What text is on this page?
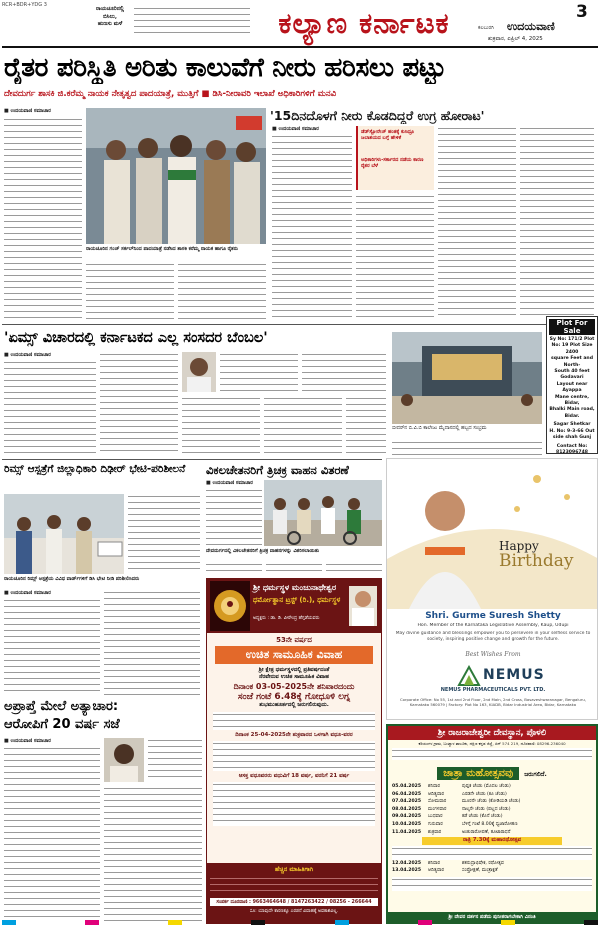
RCR+BDR+YDG 3
ರಾಯಚೂರಿನಲ್ಲಿ
ಬಿಸಿಲು,
ಹುಣಸು ಮಳೆ	ಕಲ್ಯಾಣ ಕರ್ನಾಟಕ	3
ಕಲಬುರಗಿ ಉದಯವಾಣಿ
ಶುಕ್ರವಾರ, ಏಪ್ರಿಲ್ 4, 2025
ರೈತರ ಪರಿಸ್ಥಿತಿ ಅರಿತು ಕಾಲುವೆಗೆ ನೀರು ಹರಿಸಲು ಪಟ್ಟು
ದೇವದುರ್ಗ ಶಾಸಕಿ ಜಿ.ಕರೆಮ್ಮ ನಾಯಕ ನೇತೃತ್ವದ ಪಾದಯಾತ್ರೆ, ಮುತ್ತಿಗೆ ■ ಡಿಸಿ-ನೀರಾವರಿ ಇಲಾಖೆ ಅಧಿಕಾರಿಗಳಿಗೆ ಮನವಿ
■ ಉದಯವಾಣಿ ಸಮಾಚಾರ
ರಾಯಚೂರಿನ ಗಂಜ್ ಸರ್ಕಲ್‌ನಿಂದ ಪಾದಯಾತ್ರೆ ನಡೆಸಿದ ಶಾಸಕಿ ಕರೆಮ್ಮ ನಾಯಕ ಹಾಗೂ ರೈತರು
'15ದಿನದೊಳಗೆ ನೀರು ಕೊಡದಿದ್ದರೆ ಉಗ್ರ ಹೋರಾಟ'
■ ಉದಯವಾಣಿ ಸಮಾಚಾರ	ಡೆಡ್‌ಸ್ಟೋರೇಜ್ ಹಂತಕ್ಕೆ ಕುಸಿದ್ರೂ ಜಲಾಶಯದ ಬಗ್ಗೆ ಹೇಳಿಕೆ
ಅಧಿಕಾರಿಗಳು-ಸರ್ಕಾರದ ನಡೆಯ ಕಾರಣ ರೈತರ ಬೆಳೆ
'ಏಮ್ಸ್ ವಿಚಾರದಲ್ಲಿ ಕರ್ನಾಟಕದ ಎಲ್ಲ ಸಂಸದರ ಬೆಂಬಲ'
■ ಉದಯವಾಣಿ ಸಮಾಚಾರ
ಬೀದರ್‌ನ ಬಿ.ವಿ.ಬಿ ಕಾಲೇಜು ಮೈದಾನದಲ್ಲಿ ಹಬ್ಬದ ಸಂಭ್ರಮ
Plot For Sale
Sy No: 171/2 Plot
No: 19 Plot Size 2400
square Feet and North-
South 40 feet Godavari
Layout near Ayappa
Mane centre, Bidar,
Bhalki Main road, Bidar.
Sagar Shetkar
H. No: 9-3-66 Out side shah Gunj
Contact No: 8123096748
ರಿಮ್ಸ್ ಆಸ್ಪತ್ರೆಗೆ ಜಿಲ್ಲಾಧಿಕಾರಿ ದಿಢೀರ್ ಭೇಟಿ-ಪರಿಶೀಲನೆ
ರಾಯಚೂರಿನ ರಿಮ್ಸ್ ಆಸ್ಪತ್ರೆಯ ವಿವಿಧ ವಾರ್ಡ್‌ಗಳಿಗೆ ಡಿಸಿ ಭೇಟಿ ನೀಡಿ ಪರಿಶೀಲಿಸಿದರು
■ ಉದಯವಾಣಿ ಸಮಾಚಾರ
ವಿಕಲಚೇತನರಿಗೆ ತ್ರಿಚಕ್ರ ವಾಹನ ವಿತರಣೆ
■ ಉದಯವಾಣಿ ಸಮಾಚಾರ
ದೇವದುರ್ಗದಲ್ಲಿ ವಿಕಲಚೇತನರಿಗೆ ತ್ರಿಚಕ್ರ ವಾಹನಗಳನ್ನು ವಿತರಿಸಲಾಯಿತು
ಶ್ರೀ ಧರ್ಮಸ್ಥಳ ಮಂಜುನಾಥೇಶ್ವರ
ಧರ್ಮೋತ್ಥಾನ ಟ್ರಸ್ಟ್ (ರಿ.), ಧರ್ಮಸ್ಥಳ
ಅಧ್ಯಕ್ಷರು : ಡಾ. ಡಿ. ವೀರೇಂದ್ರ ಹೆಗ್ಗಡೆಯವರು
53ನೇ ವರ್ಷದ
ಉಚಿತ ಸಾಮೂಹಿಕ ವಿವಾಹ
ಶ್ರೀ ಕ್ಷೇತ್ರ ಧರ್ಮಸ್ಥಳದಲ್ಲಿ ಪ್ರತಿವರ್ಷದಂತೆ
ನೆರವೇರುವ ಉಚಿತ ಸಾಮೂಹಿಕ ವಿವಾಹ
ದಿನಾಂಕ 03-05-2025ನೇ ಶನಿವಾರದಂದು
ಸಂಜೆ ಗಂಟೆ 6.48ಕ್ಕೆ ಗೋಧೂಳಿ ಲಗ್ನ
ಶುಭಮುಹೂರ್ತದಲ್ಲಿ ಜರುಗಲಿರುವುದು.
ದಿನಾಂಕ 25-04-2025ನೇ ಶುಕ್ರವಾರದ ಒಳಗಾಗಿ ವಧೂ-ವರರ
ಆಸಕ್ತ ವಧೂವರರು ವಧುವಿಗೆ 18 ವರ್ಷ, ವರನಿಗೆ 21 ವರ್ಷ
ಹೆಚ್ಚಿನ ಮಾಹಿತಿಗಾಗಿ
ಸಂಪರ್ಕ ದೂರವಾಣಿ : 9663464648 / 8147263422 / 08256 - 266644
ಸೂ: ಯಾವುದೇ ಕಾರಣಕ್ಕೂ ಎರಡನೆ ವಿವಾಹಕ್ಕೆ ಅವಕಾಶವಿಲ್ಲ.
ಅಪ್ರಾಪ್ತೆ ಮೇಲೆ ಅತ್ಯಾಚಾರ:
ಆರೋಪಿಗೆ 20 ವರ್ಷ ಸಜೆ
■ ಉದಯವಾಣಿ ಸಮಾಚಾರ
Happy
Birthday
Shri. Gurme Suresh Shetty
Hon. Member of the Karnataka Legislative Assembly, Kaup, Udupi
May divine guidance and blessings empower you to persevere in your selfless service to society, inspiring positive change and growth for the future.
Best Wishes From
NEMUS
NEMUS PHARMACEUTICALS PVT. LTD.
Corporate Office: No 55, 1st and 2nd Floor, 2nd Main, 2nd Cross, Basaveshwaranagar, Bengaluru, Karnataka 560079 | Factory: Plot No 163, KIADB, Bidar Industrial Area, Bidar, Karnataka
ಶ್ರೀ ರಾಜರಾಜೇಶ್ವರೀ ದೇವಸ್ಥಾನ, ಪೊಳಲಿ
ಕರಿಯಂಗಳ ಗ್ರಾಮ, ಬಂಟ್ವಾಳ ತಾಲೂಕು, ದಕ್ಷಿಣ ಕನ್ನಡ ಜಿಲ್ಲೆ, ಪಿನ್ 574 219, ದೂರವಾಣಿ: 08296-236040
ಜಾತ್ರಾ ಮಹೋತ್ಸವವು ಜರುಗಲಿದೆ.
05.04.2025	ಶನಿವಾರ	ಪುಷ್ಪಕ ಚೆಂಡು (ಮೊದಲ ಚೆಂಡು)
06.04.2025	ಆದಿತ್ಯವಾರ	ಎರಡನೇ ಚೆಂಡು (ಕೂ ಚೆಂಡು)
07.04.2025	ಸೋಮವಾರ	ಮೂರನೇ ಚೆಂಡು (ಕೋಡಿಯಡಿ ಚೆಂಡು)
08.04.2025	ಮಂಗಳವಾರ	ನಾಲ್ಕನೇ ಚೆಂಡು (ಪಲ್ಲದ ಚೆಂಡು)
09.04.2025	ಬುಧವಾರ	ಕಡೆ ಚೆಂಡು (ಕೊನೆ ಚೆಂಡು)
10.04.2025	ಗುರುವಾರ	ಬೆಳಿಗ್ಗೆ ಗಂಟೆ 8.00ಕ್ಕೆ ಧ್ವಜಾರೋಹಣ
11.04.2025	ಶುಕ್ರವಾರ	ಅಂಕುರಾರೋಪಣೆ, ತೂಟಾರಾಧನೆ
ರಾತ್ರಿ 7.30ಕ್ಕೆ ಮಹಾರಥೋತ್ಸವ
12.04.2025	ಶನಿವಾರ	ಶತರುದ್ರಾಭಿಷೇಕ, ರಥೋತ್ಸವ
13.04.2025	ಆದಿತ್ಯವಾರ	ಸಂಪ್ರೋಕ್ಷಣೆ, ಮಂತ್ರಾಕ್ಷತೆ
ಶ್ರೀ ದೇವರ ದರ್ಶನ ಪಡೆದು ಪುನೀತರಾಗಬೇಕಾಗಿ ವಿನಂತಿ
